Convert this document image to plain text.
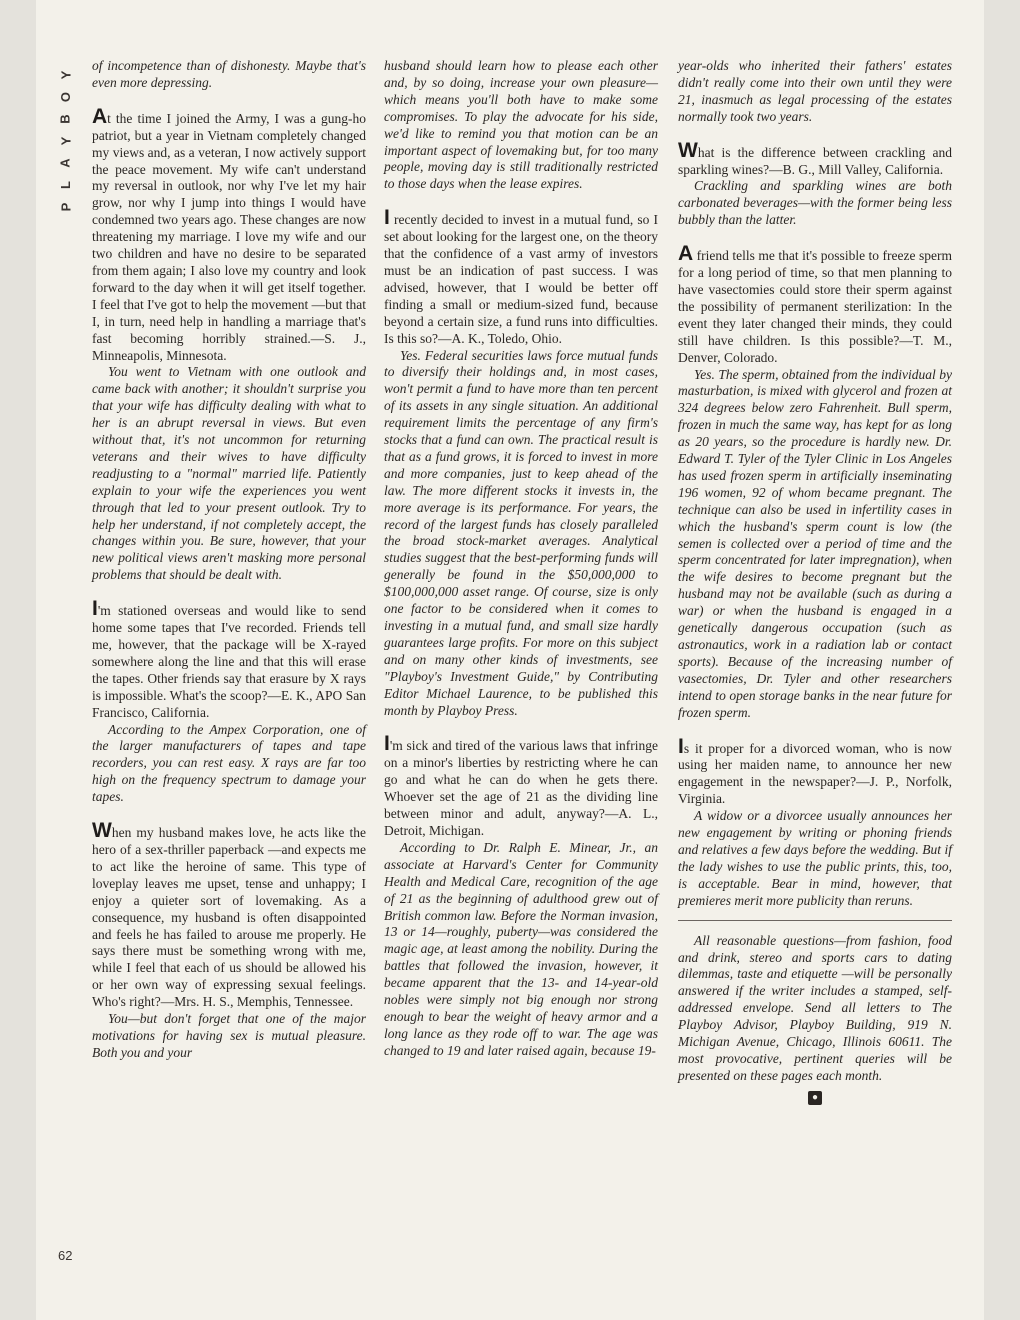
Y
O
B
Y
A
L
P
62

of incompetence than of dishonesty. Maybe that's even more depressing.

At the time I joined the Army, I was a gung-ho patriot, but a year in Vietnam completely changed my views and, as a veteran, I now actively support the peace movement. My wife can't understand my reversal in outlook, nor why I've let my hair grow, nor why I jump into things I would have condemned two years ago. These changes are now threatening my marriage. I love my wife and our two children and have no desire to be separated from them again; I also love my country and look forward to the day when it will get itself together. I feel that I've got to help the movement —but that I, in turn, need help in handling a marriage that's fast becoming horribly strained.—S. J., Minneapolis, Minnesota.

You went to Vietnam with one outlook and came back with another; it shouldn't surprise you that your wife has difficulty dealing with what to her is an abrupt reversal in views. But even without that, it's not uncommon for returning veterans and their wives to have difficulty readjusting to a "normal" married life. Patiently explain to your wife the experiences you went through that led to your present outlook. Try to help her understand, if not completely accept, the changes within you. Be sure, however, that your new political views aren't masking more personal problems that should be dealt with.

I'm stationed overseas and would like to send home some tapes that I've recorded. Friends tell me, however, that the package will be X-rayed somewhere along the line and that this will erase the tapes. Other friends say that erasure by X rays is impossible. What's the scoop?—E. K., APO San Francisco, California.

According to the Ampex Corporation, one of the larger manufacturers of tapes and tape recorders, you can rest easy. X rays are far too high on the frequency spectrum to damage your tapes.

When my husband makes love, he acts like the hero of a sex-thriller paperback —and expects me to act like the heroine of same. This type of loveplay leaves me upset, tense and unhappy; I enjoy a quieter sort of lovemaking. As a consequence, my husband is often disappointed and feels he has failed to arouse me properly. He says there must be something wrong with me, while I feel that each of us should be allowed his or her own way of expressing sexual feelings. Who's right?—Mrs. H. S., Memphis, Tennessee.

You—but don't forget that one of the major motivations for having sex is mutual pleasure. Both you and your

husband should learn how to please each other and, by so doing, increase your own pleasure—which means you'll both have to make some compromises. To play the advocate for his side, we'd like to remind you that motion can be an important aspect of lovemaking but, for too many people, moving day is still traditionally restricted to those days when the lease expires.

I recently decided to invest in a mutual fund, so I set about looking for the largest one, on the theory that the confidence of a vast army of investors must be an indication of past success. I was advised, however, that I would be better off finding a small or medium-sized fund, because beyond a certain size, a fund runs into difficulties. Is this so?—A. K., Toledo, Ohio.

Yes. Federal securities laws force mutual funds to diversify their holdings and, in most cases, won't permit a fund to have more than ten percent of its assets in any single situation. An additional requirement limits the percentage of any firm's stocks that a fund can own. The practical result is that as a fund grows, it is forced to invest in more and more companies, just to keep ahead of the law. The more different stocks it invests in, the more average is its performance. For years, the record of the largest funds has closely paralleled the broad stock-market averages. Analytical studies suggest that the best-performing funds will generally be found in the $50,000,000 to $100,000,000 asset range. Of course, size is only one factor to be considered when it comes to investing in a mutual fund, and small size hardly guarantees large profits. For more on this subject and on many other kinds of investments, see "Playboy's Investment Guide," by Contributing Editor Michael Laurence, to be published this month by Playboy Press.

I'm sick and tired of the various laws that infringe on a minor's liberties by restricting where he can go and what he can do when he gets there. Whoever set the age of 21 as the dividing line between minor and adult, anyway?—A. L., Detroit, Michigan.

According to Dr. Ralph E. Minear, Jr., an associate at Harvard's Center for Community Health and Medical Care, recognition of the age of 21 as the beginning of adulthood grew out of British common law. Before the Norman invasion, 13 or 14—roughly, puberty—was considered the magic age, at least among the nobility. During the battles that followed the invasion, however, it became apparent that the 13- and 14-year-old nobles were simply not big enough nor strong enough to bear the weight of heavy armor and a long lance as they rode off to war. The age was changed to 19 and later raised again, because 19-

year-olds who inherited their fathers' estates didn't really come into their own until they were 21, inasmuch as legal processing of the estates normally took two years.

What is the difference between crackling and sparkling wines?—B. G., Mill Valley, California.

Crackling and sparkling wines are both carbonated beverages—with the former being less bubbly than the latter.

A friend tells me that it's possible to freeze sperm for a long period of time, so that men planning to have vasectomies could store their sperm against the possibility of permanent sterilization: In the event they later changed their minds, they could still have children. Is this possible?—T. M., Denver, Colorado.

Yes. The sperm, obtained from the individual by masturbation, is mixed with glycerol and frozen at 324 degrees below zero Fahrenheit. Bull sperm, frozen in much the same way, has kept for as long as 20 years, so the procedure is hardly new. Dr. Edward T. Tyler of the Tyler Clinic in Los Angeles has used frozen sperm in artificially inseminating 196 women, 92 of whom became pregnant. The technique can also be used in infertility cases in which the husband's sperm count is low (the semen is collected over a period of time and the sperm concentrated for later impregnation), when the wife desires to become pregnant but the husband may not be available (such as during a war) or when the husband is engaged in a genetically dangerous occupation (such as astronautics, work in a radiation lab or contact sports). Because of the increasing number of vasectomies, Dr. Tyler and other researchers intend to open storage banks in the near future for frozen sperm.

Is it proper for a divorced woman, who is now using her maiden name, to announce her new engagement in the newspaper?—J. P., Norfolk, Virginia.

A widow or a divorcee usually announces her new engagement by writing or phoning friends and relatives a few days before the wedding. But if the lady wishes to use the public prints, this, too, is acceptable. Bear in mind, however, that premieres merit more publicity than reruns.

All reasonable questions—from fashion, food and drink, stereo and sports cars to dating dilemmas, taste and etiquette —will be personally answered if the writer includes a stamped, self-addressed envelope. Send all letters to The Playboy Advisor, Playboy Building, 919 N. Michigan Avenue, Chicago, Illinois 60611. The most provocative, pertinent queries will be presented on these pages each month.

●
